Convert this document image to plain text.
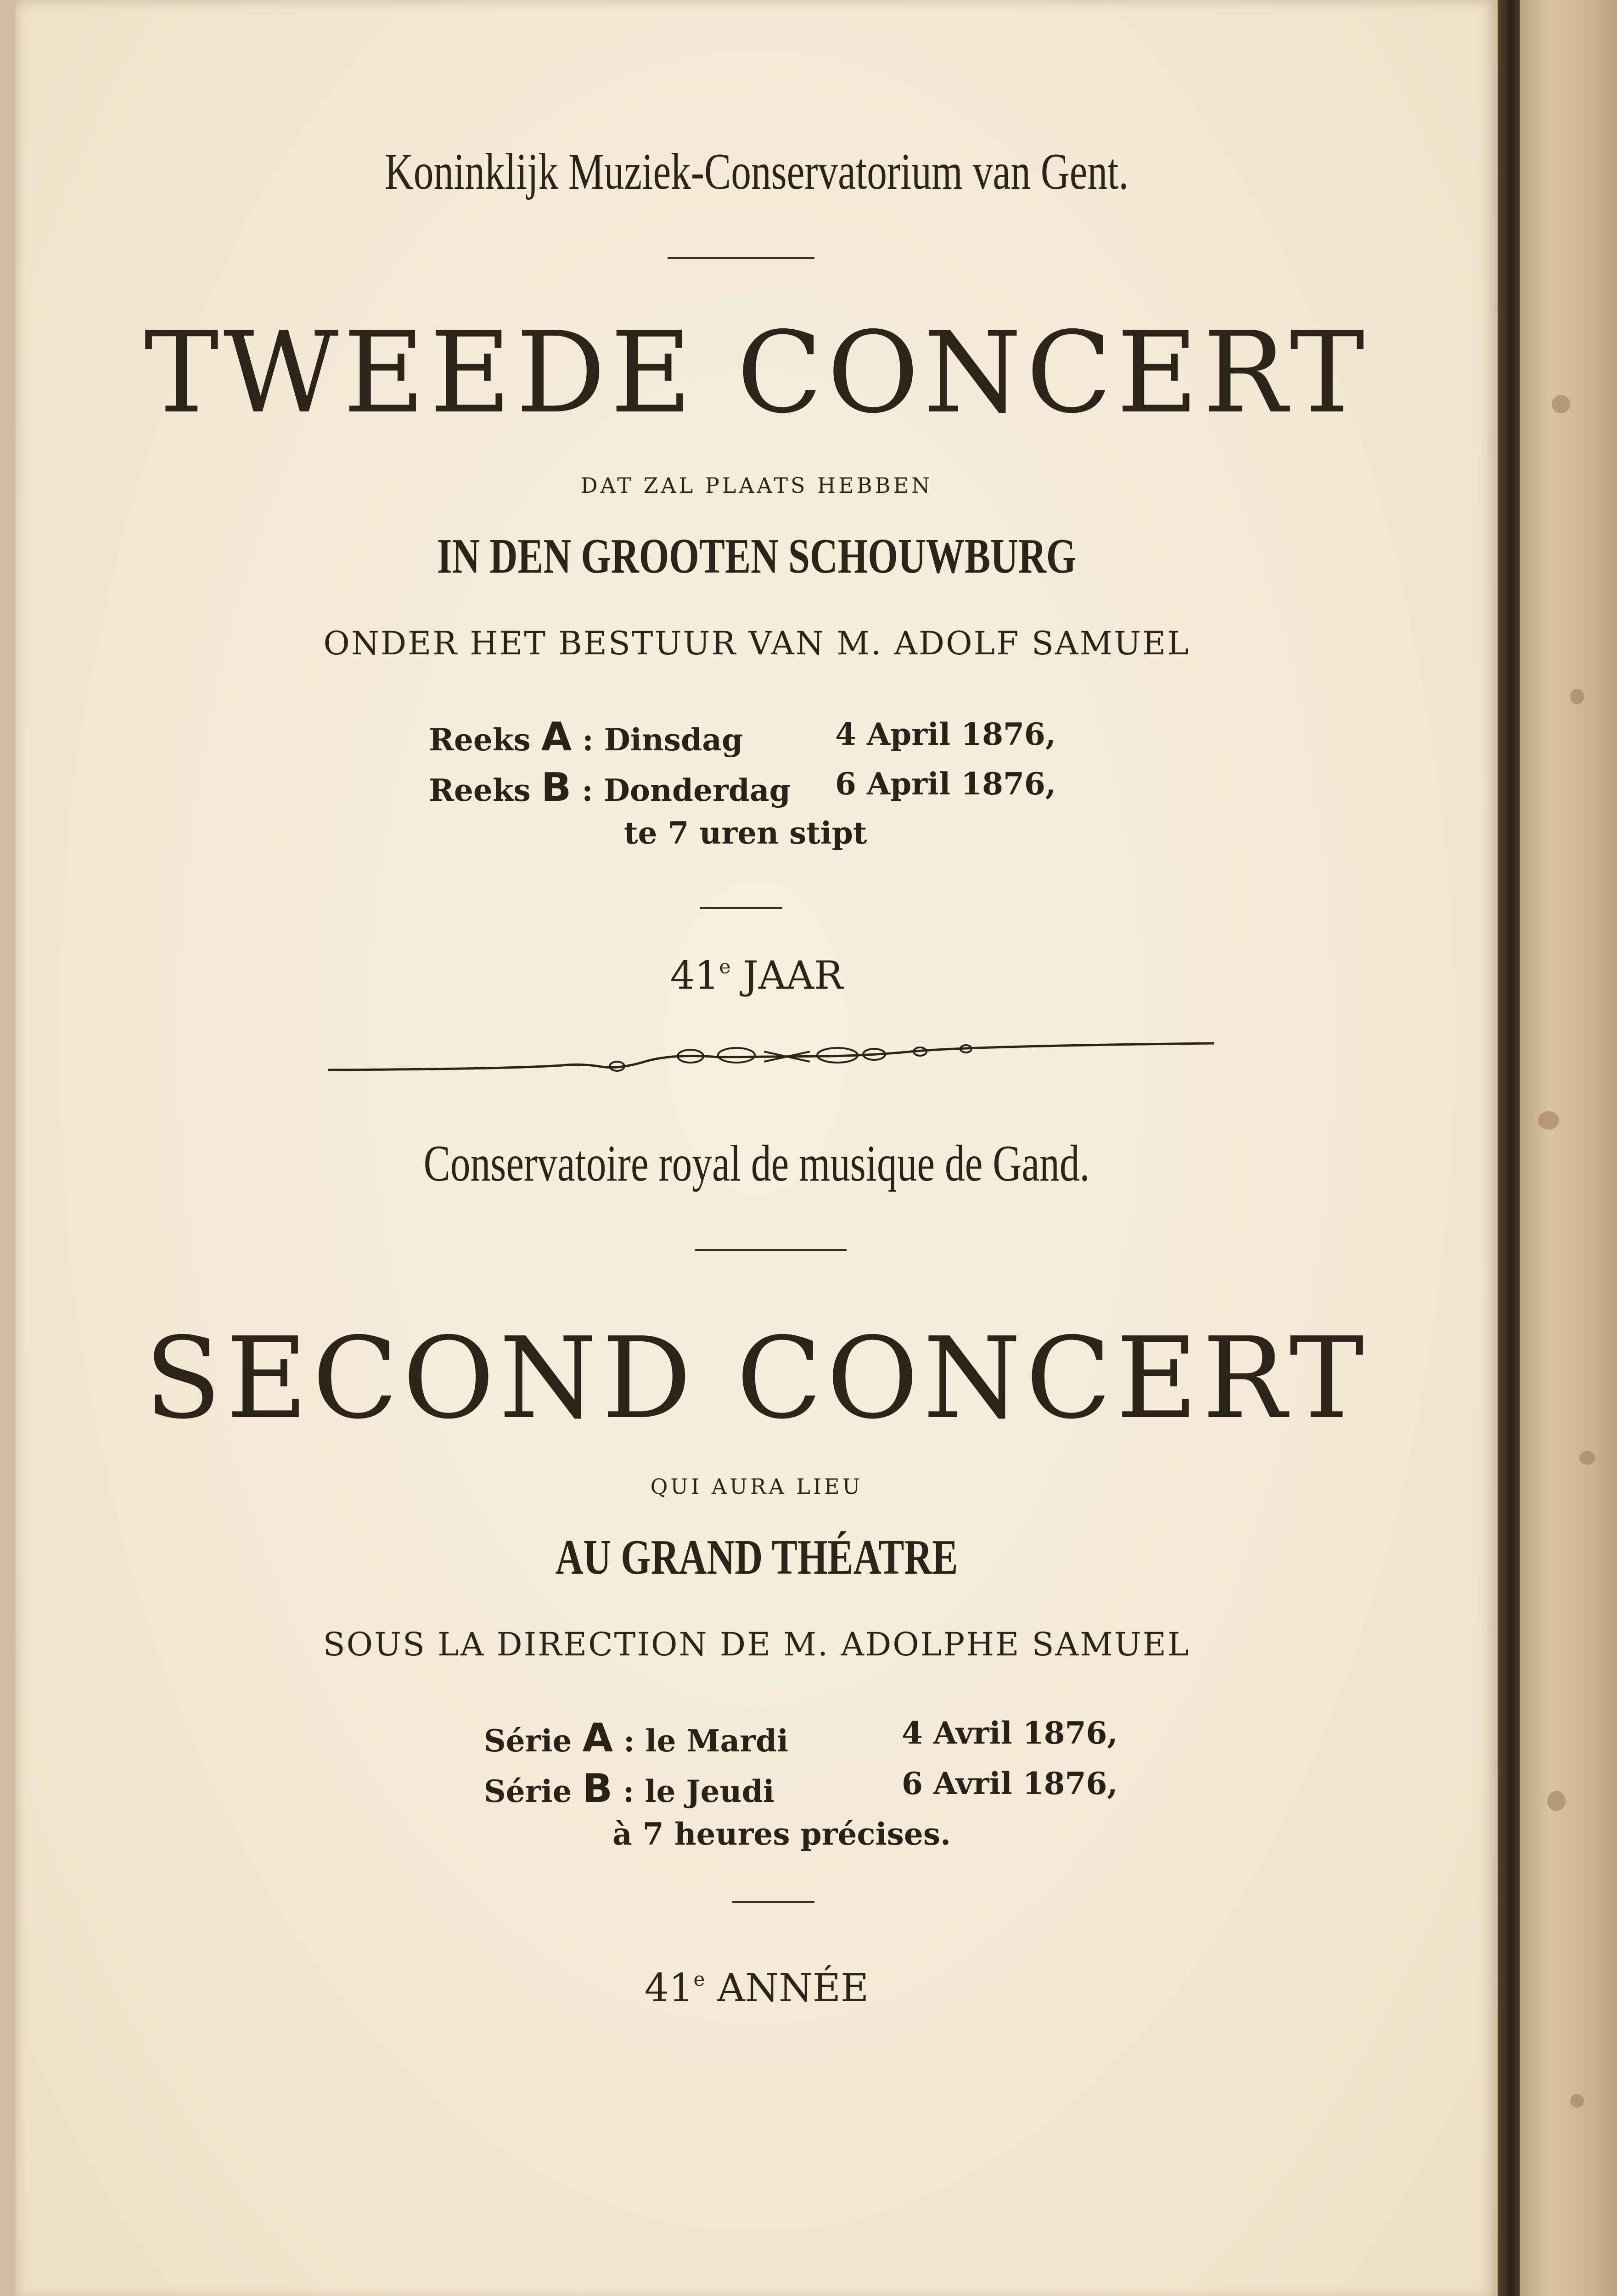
Koninklijk Muziek-Conservatorium van Gent.
TWEEDE CONCERT
DAT ZAL PLAATS HEBBEN
IN DEN GROOTEN SCHOUWBURG
ONDER HET BESTUUR VAN M. ADOLF SAMUEL
Reeks A : Dinsdag	4 April 1876,
Reeks B : Donderdag 6 April 1876,
te 7 uren stipt
41e JAAR
Conservatoire royal de musique de Gand.
SECOND CONCERT
QUI AURA LIEU
AU GRAND THÉATRE
SOUS LA DIRECTION DE M. ADOLPHE SAMUEL
Série A : le Mardi	4 Avril 1876,
Série B : le Jeudi	6 Avril 1876,
à 7 heures précises.
41e ANNÉE
